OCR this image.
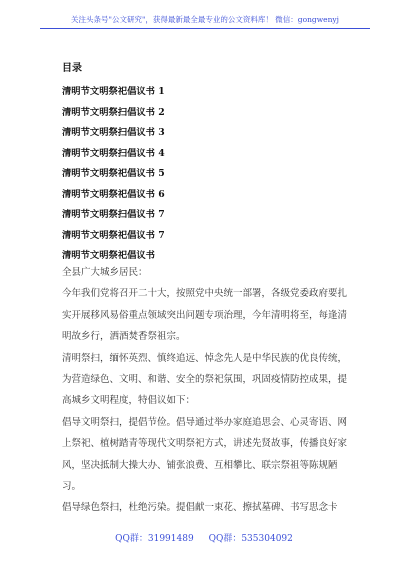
关注头条号"公文研究"，获得最新最全最专业的公文资料库！ 微信：gongwenyj
目录
清明节文明祭祀倡议书 1
清明节文明祭扫倡议书 2
清明节文明祭扫倡议书 3
清明节文明祭扫倡议书 4
清明节文明祭祀倡议书 5
清明节文明祭祀倡议书 6
清明节文明祭扫倡议书 7
清明节文明祭祀倡议书 7
清明节文明祭祀倡议书

全县广大城乡居民：

今年我们党将召开二十大，按照党中央统一部署，各级党委政府要扎实开展移风易俗重点领域突出问题专项治理，今年清明将至，每逢清明故乡行，洒酒焚香祭祖宗。

清明祭扫，缅怀英烈、慎终追远、悼念先人是中华民族的优良传统，为营造绿色、文明、和谐、安全的祭祀氛围，巩固疫情防控成果，提高城乡文明程度，特倡议如下：

倡导文明祭扫，提倡节俭。倡导通过举办家庭追思会、心灵寄语、网上祭祀、植树踏青等现代文明祭祀方式，讲述先贤故事，传播良好家风，坚决抵制大操大办、铺张浪费、互相攀比、联宗祭祖等陈规陋习。

倡导绿色祭扫，杜绝污染。提倡献一束花、擦拭墓碑、书写思念卡

QQ群：31991489 QQ群：535304092
